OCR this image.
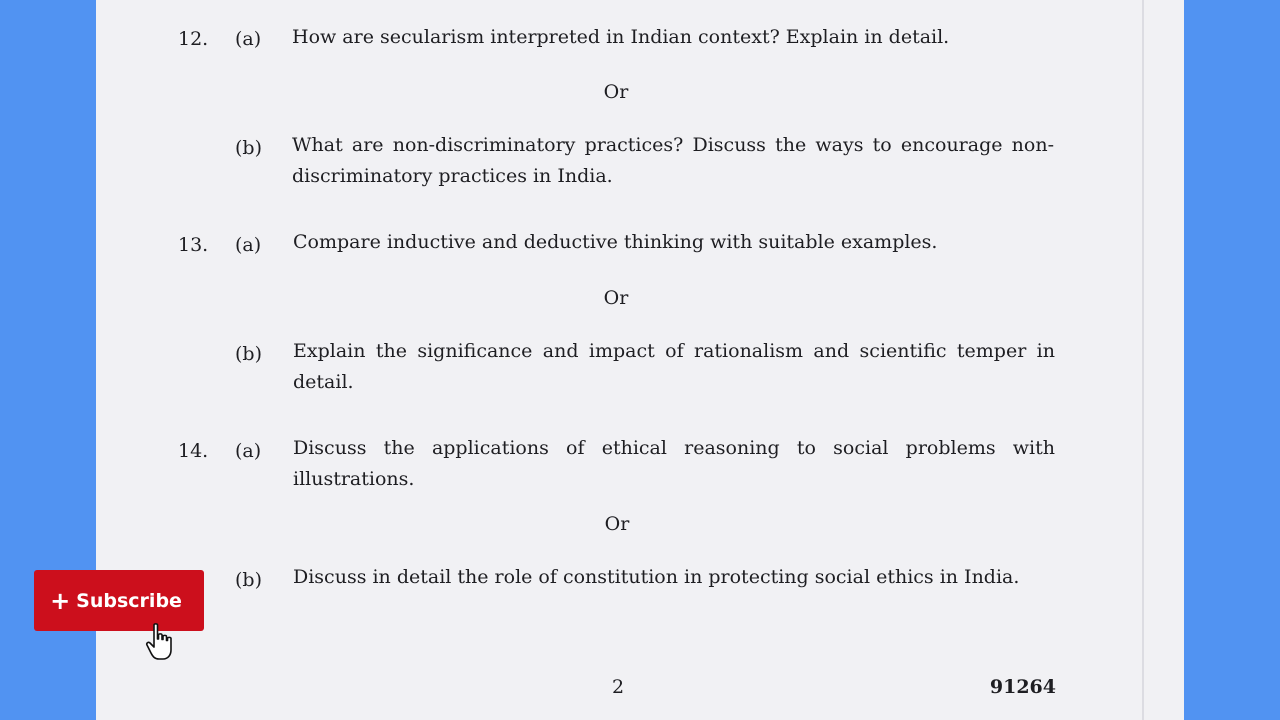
12.	(a)	How are secularism interpreted in Indian context? Explain in detail.
Or
(b)	What are non-discriminatory practices? Discuss the ways to encourage non-discriminatory practices in India.
13.	(a)	Compare inductive and deductive thinking with suitable examples.
Or
(b)	Explain the significance and impact of rationalism and scientific temper in detail.
14.	(a)	Discuss the applications of ethical reasoning to social problems with illustrations.
Or
(b)	Discuss in detail the role of constitution in protecting social ethics in India.
2	91264
+ Subscribe
